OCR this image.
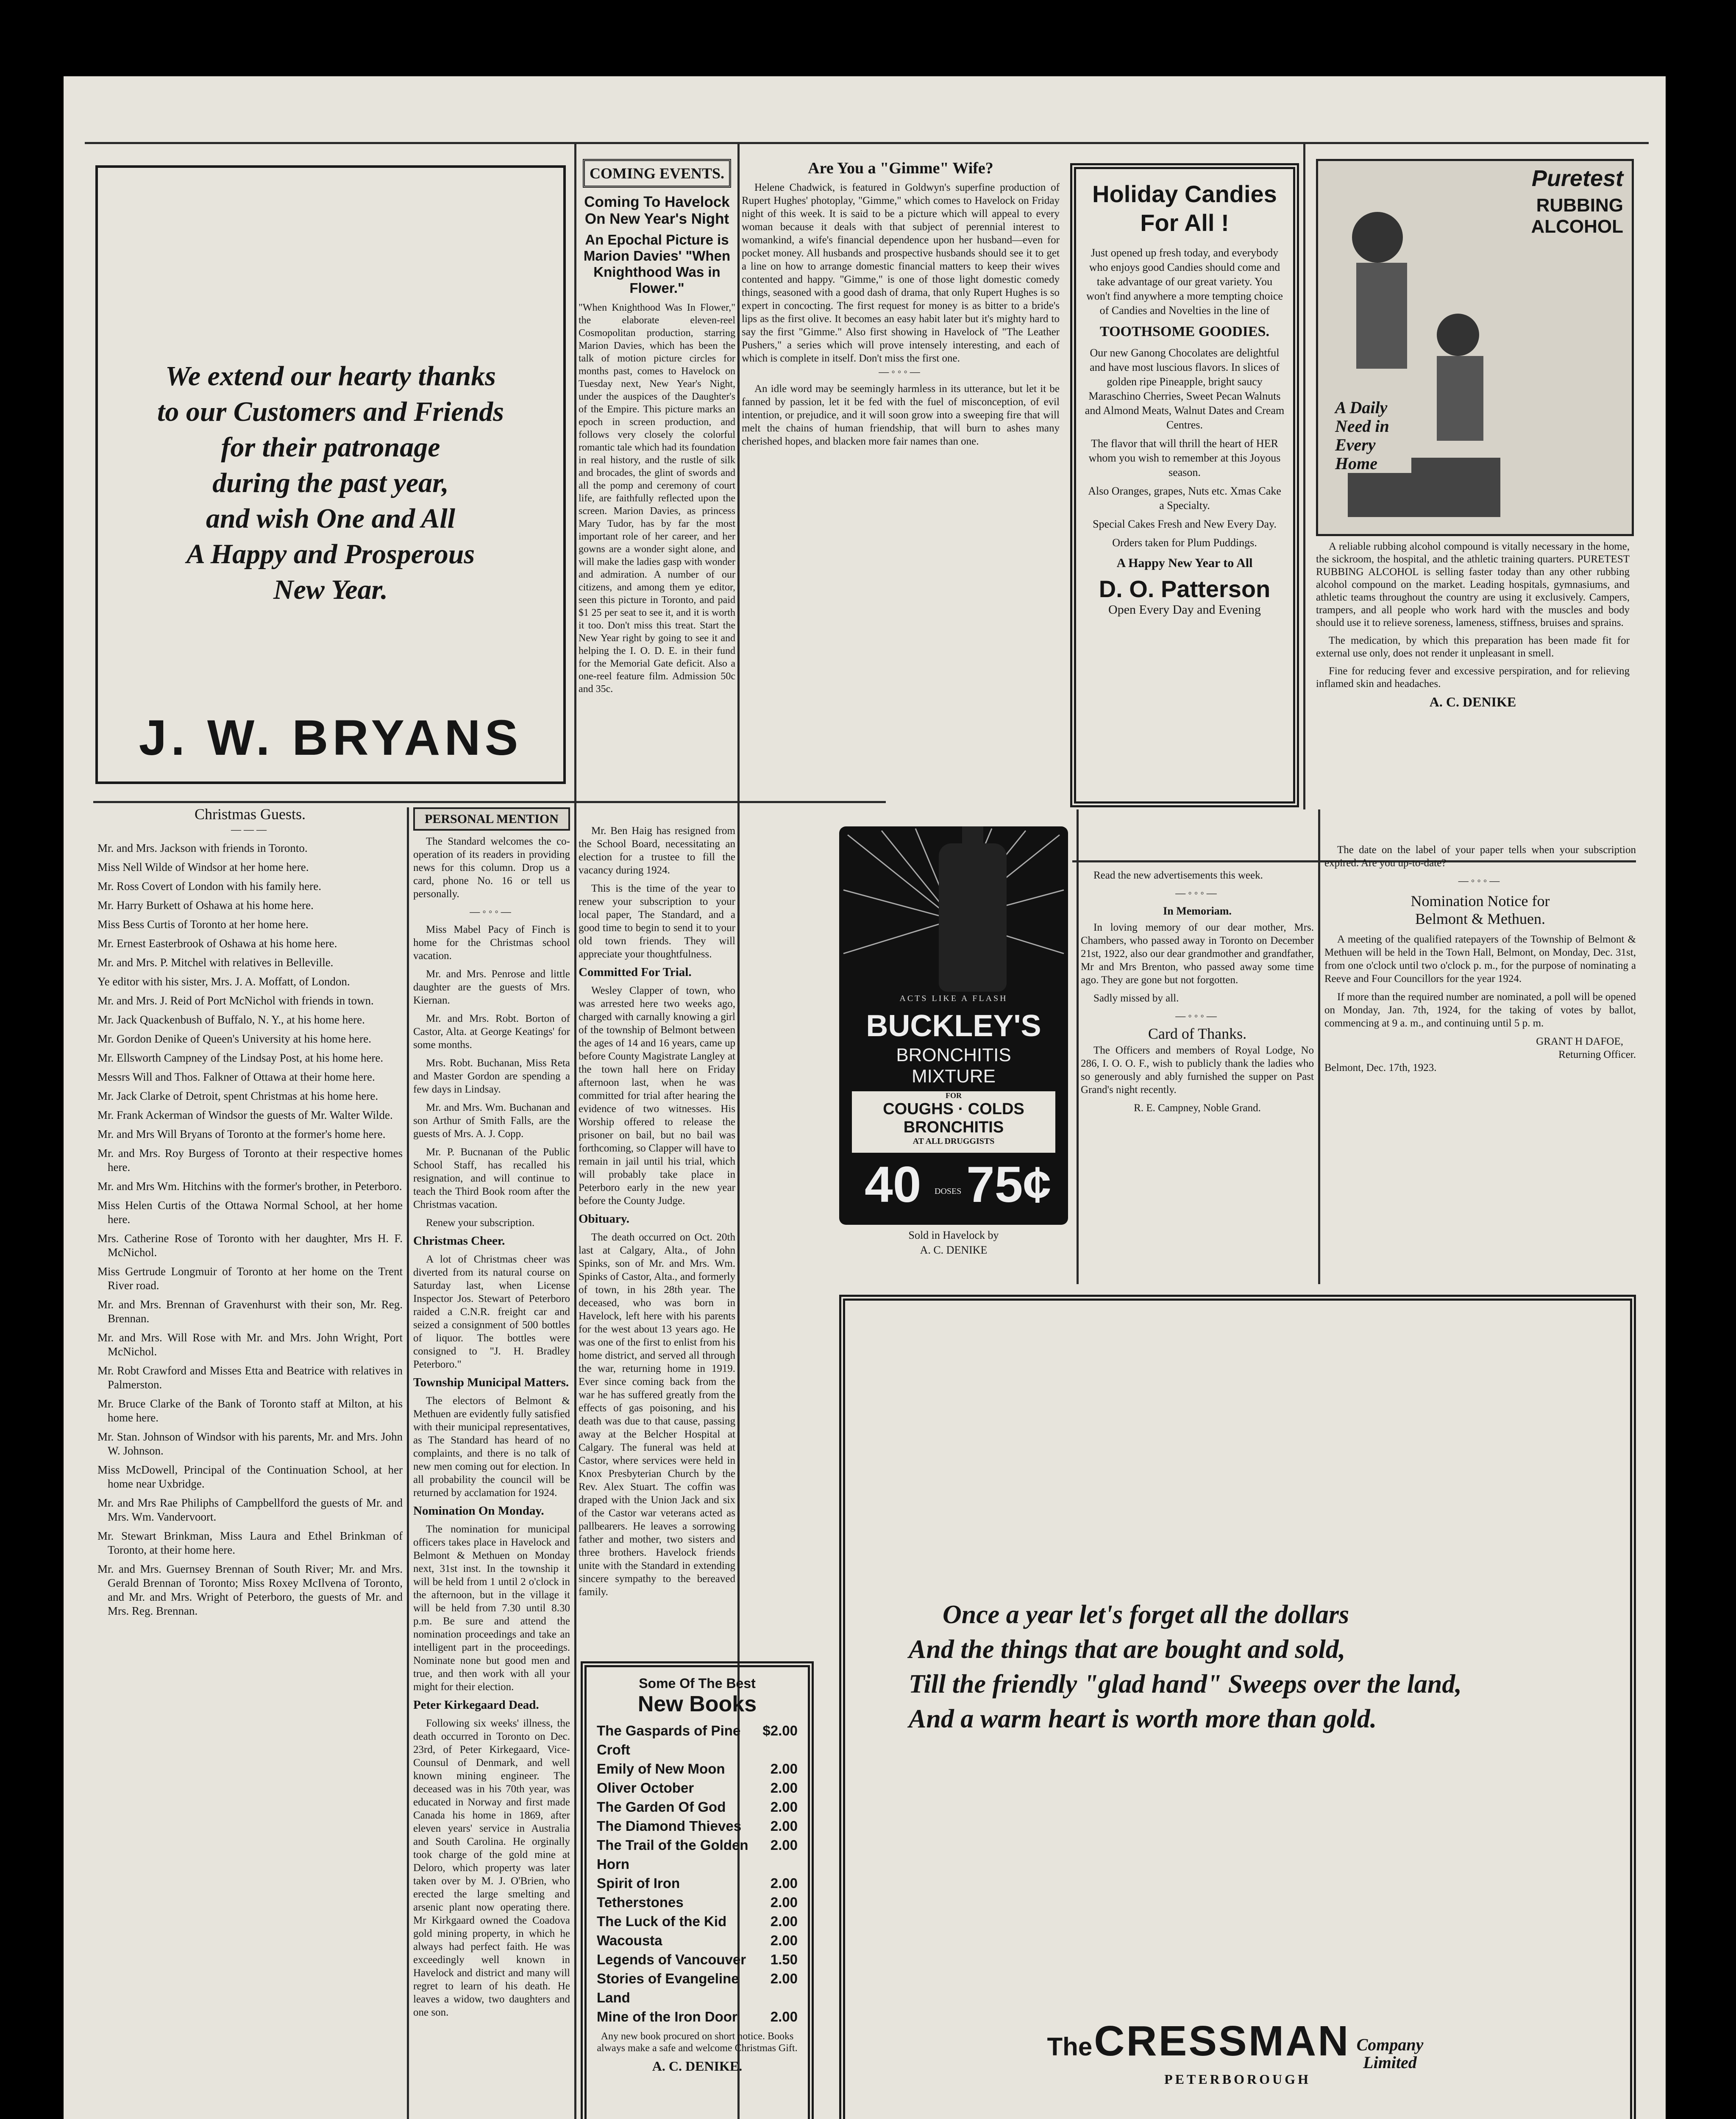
We extend our hearty thanks
to our Customers and Friends
for their patronage
during the past year,
and wish One and All
A Happy and Prosperous
New Year.
J. W. BRYANS
COMING EVENTS.
Coming To Havelock On New Year's Night
An Epochal Picture is Marion Davies' "When Knighthood Was in Flower."
"When Knighthood Was In Flower," the elaborate eleven-reel Cosmopolitan production, starring Marion Davies, which has been the talk of motion picture circles for months past, comes to Havelock on Tuesday next, New Year's Night, under the auspices of the Daughter's of the Empire. This picture marks an epoch in screen production, and follows very closely the colorful romantic tale which had its foundation in real history, and the rustle of silk and brocades, the glint of swords and all the pomp and ceremony of court life, are faithfully reflected upon the screen. Marion Davies, as princess Mary Tudor, has by far the most important role of her career, and her gowns are a wonder sight alone, and will make the ladies gasp with wonder and admiration. A number of our citizens, and among them ye editor, seen this picture in Toronto, and paid $1 25 per seat to see it, and it is worth it too. Don't miss this treat. Start the New Year right by going to see it and helping the I. O. D. E. in their fund for the Memorial Gate deficit. Also a one-reel feature film. Admission 50c and 35c.
Are You a "Gimme" Wife?
Helene Chadwick, is featured in Goldwyn's superfine production of Rupert Hughes' photoplay, "Gimme," which comes to Havelock on Friday night of this week. It is said to be a picture which will appeal to every woman because it deals with that subject of perennial interest to womankind, a wife's financial dependence upon her husband—even for pocket money. All husbands and prospective husbands should see it to get a line on how to arrange domestic financial matters to keep their wives contented and happy. "Gimme," is one of those light domestic comedy things, seasoned with a good dash of drama, that only Rupert Hughes is so expert in concocting. The first request for money is as bitter to a bride's lips as the first olive. It becomes an easy habit later but it's mighty hard to say the first "Gimme." Also first showing in Havelock of "The Leather Pushers," a series which will prove intensely interesting, and each of which is complete in itself. Don't miss the first one.
—◦◦◦—
An idle word may be seemingly harmless in its utterance, but let it be fanned by passion, let it be fed with the fuel of misconception, of evil intention, or prejudice, and it will soon grow into a sweeping fire that will melt the chains of human friendship, that will burn to ashes many cherished hopes, and blacken more fair names than one.
Holiday Candies For All !
Just opened up fresh today, and everybody who enjoys good Candies should come and take advantage of our great variety. You won't find anywhere a more tempting choice of Candies and Novelties in the line of
TOOTHSOME GOODIES.
Our new Ganong Chocolates are delightful and have most luscious flavors. In slices of golden ripe Pineapple, bright saucy Maraschino Cherries, Sweet Pecan Walnuts and Almond Meats, Walnut Dates and Cream Centres.
The flavor that will thrill the heart of HER whom you wish to remember at this Joyous season.
Also Oranges, grapes, Nuts etc. Xmas Cake a Specialty.
Special Cakes Fresh and New Every Day.
Orders taken for Plum Puddings.
A Happy New Year to All
D. O. Patterson
Open Every Day and Evening
Puretest
RUBBING ALCOHOL
A Daily Need in Every Home

A reliable rubbing alcohol compound is vitally necessary in the home, the sickroom, the hospital, and the athletic training quarters. PURETEST RUBBING ALCOHOL is selling faster today than any other rubbing alcohol compound on the market. Leading hospitals, gymnasiums, and athletic teams throughout the country are using it exclusively. Campers, trampers, and all people who work hard with the muscles and body should use it to relieve soreness, lameness, stiffness, bruises and sprains.

The medication, by which this preparation has been made fit for external use only, does not render it unpleasant in smell.

Fine for reducing fever and excessive perspiration, and for relieving inflamed skin and headaches.

A. C. DENIKE
Christmas Guests.
———

Mr. and Mrs. Jackson with friends in Toronto.

Miss Nell Wilde of Windsor at her home here.

Mr. Ross Covert of London with his family here.

Mr. Harry Burkett of Oshawa at his home here.

Miss Bess Curtis of Toronto at her home here.

Mr. Ernest Easterbrook of Oshawa at his home here.

Mr. and Mrs. P. Mitchel with relatives in Belleville.

Ye editor with his sister, Mrs. J. A. Moffatt, of London.

Mr. and Mrs. J. Reid of Port McNichol with friends in town.

Mr. Jack Quackenbush of Buffalo, N. Y., at his home here.

Mr. Gordon Denike of Queen's University at his home here.

Mr. Ellsworth Campney of the Lindsay Post, at his home here.

Messrs Will and Thos. Falkner of Ottawa at their home here.

Mr. Jack Clarke of Detroit, spent Christmas at his home here.

Mr. Frank Ackerman of Windsor the guests of Mr. Walter Wilde.

Mr. and Mrs Will Bryans of Toronto at the former's home here.

Mr. and Mrs. Roy Burgess of Toronto at their respective homes here.

Mr. and Mrs Wm. Hitchins with the former's brother, in Peterboro.

Miss Helen Curtis of the Ottawa Normal School, at her home here.

Mrs. Catherine Rose of Toronto with her daughter, Mrs H. F. McNichol.

Miss Gertrude Longmuir of Toronto at her home on the Trent River road.

Mr. and Mrs. Brennan of Gravenhurst with their son, Mr. Reg. Brennan.

Mr. and Mrs. Will Rose with Mr. and Mrs. John Wright, Port McNichol.

Mr. Robt Crawford and Misses Etta and Beatrice with relatives in Palmerston.

Mr. Bruce Clarke of the Bank of Toronto staff at Milton, at his home here.

Mr. Stan. Johnson of Windsor with his parents, Mr. and Mrs. John W. Johnson.

Miss McDowell, Principal of the Continuation School, at her home near Uxbridge.

Mr. and Mrs Rae Philiphs of Campbellford the guests of Mr. and Mrs. Wm. Vandervoort.

Mr. Stewart Brinkman, Miss Laura and Ethel Brinkman of Toronto, at their home here.

Mr. and Mrs. Guernsey Brennan of South River; Mr. and Mrs. Gerald Brennan of Toronto; Miss Roxey McIlvena of Toronto, and Mr. and Mrs. Wright of Peterboro, the guests of Mr. and Mrs. Reg. Brennan.

PERSONAL MENTION

The Standard welcomes the co-operation of its readers in providing news for this column. Drop us a card, phone No. 16 or tell us personally.

—◦◦◦—

Miss Mabel Pacy of Finch is home for the Christmas school vacation.

Mr. and Mrs. Penrose and little daughter are the guests of Mrs. Kiernan.

Mr. and Mrs. Robt. Borton of Castor, Alta. at George Keatings' for some months.

Mrs. Robt. Buchanan, Miss Reta and Master Gordon are spending a few days in Lindsay.

Mr. and Mrs. Wm. Buchanan and son Arthur of Smith Falls, are the guests of Mrs. A. J. Copp.

Mr. P. Bucnanan of the Public School Staff, has recalled his resignation, and will continue to teach the Third Book room after the Christmas vacation.

Renew your subscription.

Christmas Cheer.

A lot of Christmas cheer was diverted from its natural course on Saturday last, when License Inspector Jos. Stewart of Peterboro raided a C.N.R. freight car and seized a consignment of 500 bottles of liquor. The bottles were consigned to "J. H. Bradley Peterboro."

Township Municipal Matters.

The electors of Belmont & Methuen are evidently fully satisfied with their municipal representatives, as The Standard has heard of no complaints, and there is no talk of new men coming out for election. In all probability the council will be returned by acclamation for 1924.

Nomination On Monday.

The nomination for municipal officers takes place in Havelock and Belmont & Methuen on Monday next, 31st inst. In the township it will be held from 1 until 2 o'clock in the afternoon, but in the village it will be held from 7.30 until 8.30 p.m. Be sure and attend the nomination proceedings and take an intelligent part in the proceedings. Nominate none but good men and true, and then work with all your might for their election.

Peter Kirkegaard Dead.

Following six weeks' illness, the death occurred in Toronto on Dec. 23rd, of Peter Kirkegaard, Vice-Counsul of Denmark, and well known mining engineer. The deceased was in his 70th year, was educated in Norway and first made Canada his home in 1869, after eleven years' service in Australia and South Carolina. He orginally took charge of the gold mine at Deloro, which property was later taken over by M. J. O'Brien, who erected the large smelting and arsenic plant now operating there. Mr Kirkgaard owned the Coadova gold mining property, in which he always had perfect faith. He was exceedingly well known in Havelock and district and many will regret to learn of his death. He leaves a widow, two daughters and one son.

Mr. Ben Haig has resigned from the School Board, necessitating an election for a trustee to fill the vacancy during 1924.

This is the time of the year to renew your subscription to your local paper, The Standard, and a good time to begin to send it to your old town friends. They will appreciate your thoughtfulness.

Committed For Trial.

Wesley Clapper of town, who was arrested here two weeks ago, charged with carnally knowing a girl of the township of Belmont between the ages of 14 and 16 years, came up before County Magistrate Langley at the town hall here on Friday afternoon last, when he was committed for trial after hearing the evidence of two witnesses. His Worship offered to release the prisoner on bail, but no bail was forthcoming, so Clapper will have to remain in jail until his trial, which will probably take place in Peterboro early in the new year before the County Judge.

Obituary.

The death occurred on Oct. 20th last at Calgary, Alta., of John Spinks, son of Mr. and Mrs. Wm. Spinks of Castor, Alta., and formerly of town, in his 28th year. The deceased, who was born in Havelock, left here with his parents for the west about 13 years ago. He was one of the first to enlist from his home district, and served all through the war, returning home in 1919. Ever since coming back from the war he has suffered greatly from the effects of gas poisoning, and his death was due to that cause, passing away at the Belcher Hospital at Calgary. The funeral was held at Castor, where services were held in Knox Presbyterian Church by the Rev. Alex Stuart. The coffin was draped with the Union Jack and six of the Castor war veterans acted as pallbearers. He leaves a sorrowing father and mother, two sisters and three brothers. Havelock friends unite with the Standard in extending sincere sympathy to the bereaved family.

Some Of The Best
New Books
The Gaspards of Pine Croft
$2.00
Emily of New Moon	2.00
Oliver October	2.00
The Garden Of God	2.00
The Diamond Thieves 2.00
The Trail of the Golden Horn
2.00
Spirit of Iron	2.00
Tetherstones	2.00
The Luck of the Kid	2.00
Wacousta	2.00
Legends of Vancouver 1.50
Stories of Evangeline Land
2.00
Mine of the Iron Door 2.00
Any new book procured on short notice. Books always make a safe and welcome Christmas Gift.
A. C. DENIKE.
ACTS LIKE A FLASH
BUCKLEY'S
BRONCHITIS
MIXTURE
FOR
COUGHS · COLDS
BRONCHITIS
AT ALL DRUGGISTS
40 DOSES 75¢
Sold in Havelock by
A. C. DENIKE

Read the new advertisements this week.

—◦◦◦—
In Memoriam.

In loving memory of our dear mother, Mrs. Chambers, who passed away in Toronto on December 21st, 1922, also our dear grandmother and grandfather, Mr and Mrs Brenton, who passed away some time ago. They are gone but not forgotten.

Sadly missed by all.

—◦◦◦—
Card of Thanks.

The Officers and members of Royal Lodge, No 286, I. O. O. F., wish to publicly thank the ladies who so generously and ably furnished the supper on Past Grand's night recently.

R. E. Campney, Noble Grand.

The date on the label of your paper tells when your subscription expired. Are you up-to-date?

—◦◦◦—
Nomination Notice for
Belmont & Methuen.

A meeting of the qualified ratepayers of the Township of Belmont & Methuen will be held in the Town Hall, Belmont, on Monday, Dec. 31st, from one o'clock until two o'clock p. m., for the purpose of nominating a Reeve and Four Councillors for the year 1924.

If more than the required number are nominated, a poll will be opened on Monday, Jan. 7th, 1924, for the taking of votes by ballot, commencing at 9 a. m., and continuing until 5 p. m.

GRANT H DAFOE,
Returning Officer.
Belmont, Dec. 17th, 1923.
Once a year let's forget all the dollars
And the things that are bought and sold,
Till the friendly "glad hand" Sweeps over the land,
And a warm heart is worth more than gold.
The CRESSMAN Company Limited
PETERBOROUGH
